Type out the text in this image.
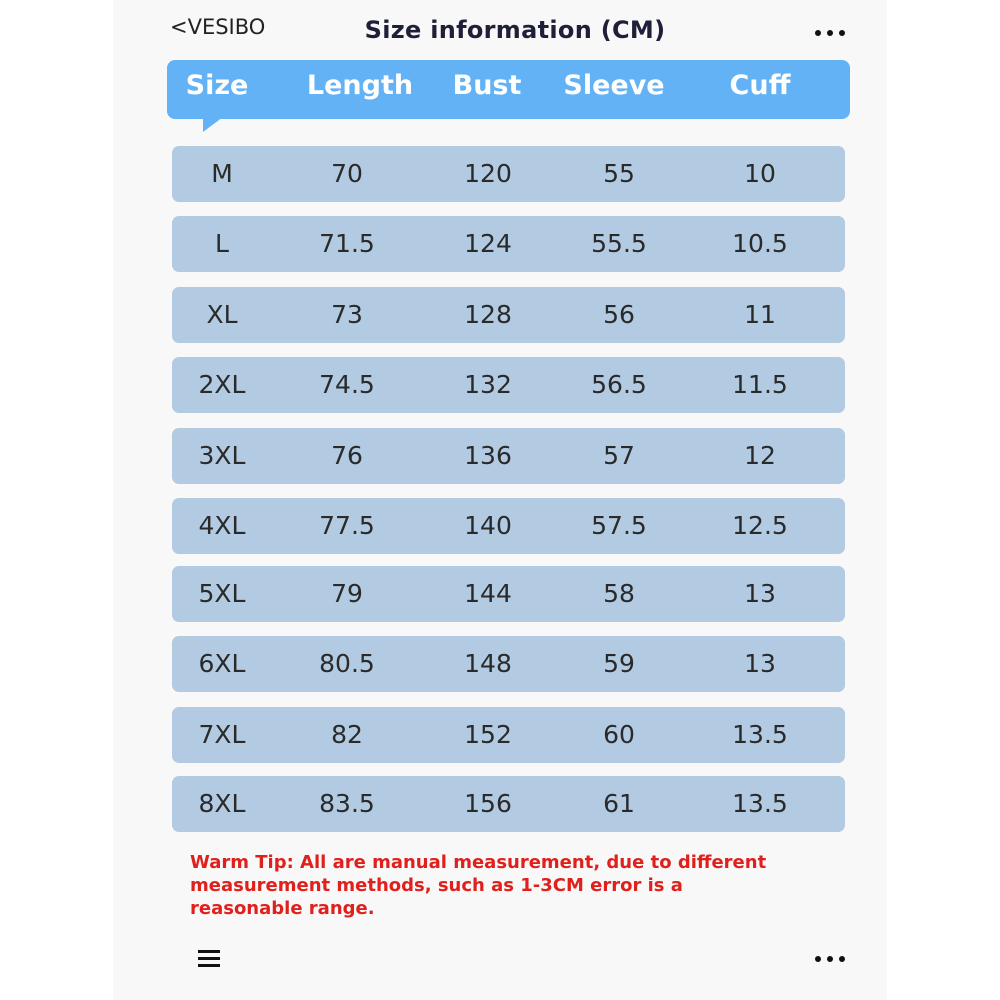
<VESIBO	Size information (CM)
Size	Length	Bust	Sleeve	Cuff
M	70	120	55	10
L	71.5	124	55.5	10.5
XL	73	128	56	11
2XL	74.5	132	56.5	11.5
3XL	76	136	57	12
4XL	77.5	140	57.5	12.5
5XL	79	144	58	13
6XL	80.5	148	59	13
7XL	82	152	60	13.5
8XL	83.5	156	61	13.5
Warm Tip: All are manual measurement, due to different measurement methods, such as 1-3CM error is a reasonable range.
